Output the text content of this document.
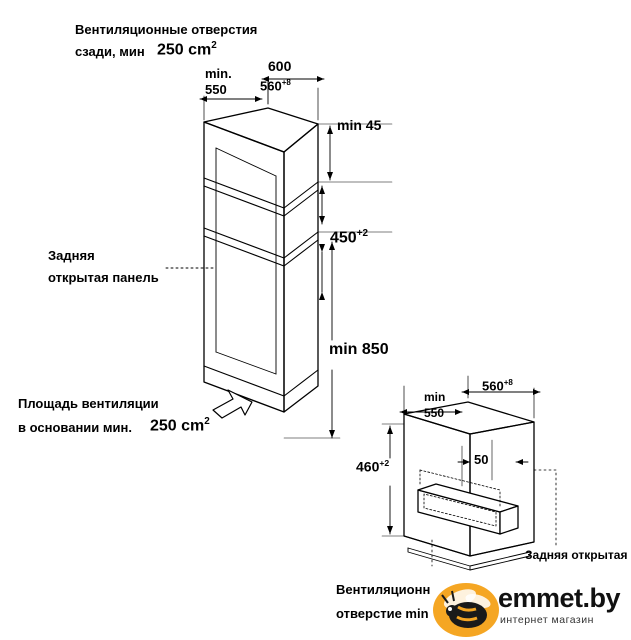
Вентиляционные отверстия
сзади, мин 250 $cm^2$
600
min.
550	$560^{+8}$
min 45
$450^{+2}$
min 850
Задняя
открытая панель
Площадь вентиляции
в основании мин. 250 $cm^2$
min
550
$560^{+8}$
$460^{+2}$	50
Задняя открытая
Вентиляционн
отверстие min
emmet.by
интернет магазин
